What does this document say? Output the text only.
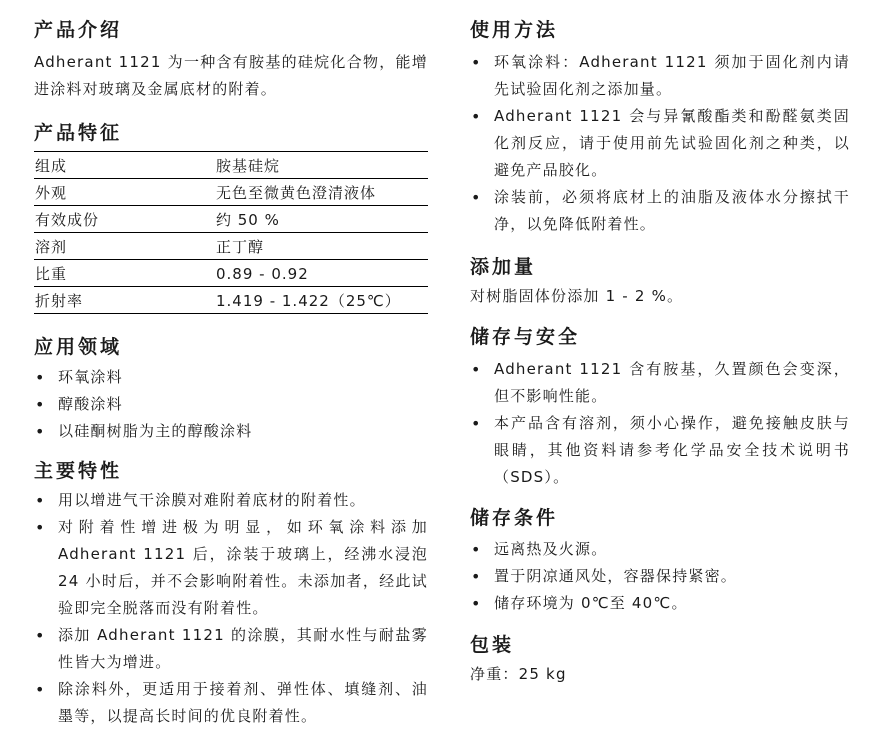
产品介绍

Adherant 1121 为一种含有胺基的硅烷化合物，能增进涂料对玻璃及金属底材的附着。

产品特征
组成	胺基硅烷
外观	无色至微黄色澄清液体
有效成份	约 50 %
溶剂	正丁醇
比重	0.89 - 0.92
折射率	1.419 - 1.422（25℃）
应用领域
• 环氧涂料
• 醇酸涂料
• 以硅酮树脂为主的醇酸涂料
主要特性
• 用以增进气干涂膜对难附着底材的附着性。
• 对附着性增进极为明显，如环氧涂料添加 Adherant 1121 后，涂装于玻璃上，经沸水浸泡 24 小时后，并不会影响附着性。未添加者，经此试验即完全脱落而没有附着性。
• 添加 Adherant 1121 的涂膜，其耐水性与耐盐雾性皆大为增进。
• 除涂料外，更适用于接着剂、弹性体、填缝剂、油墨等，以提高长时间的优良附着性。
使用方法
• 环氧涂料：Adherant 1121 须加于固化剂内请先试验固化剂之添加量。
• Adherant 1121 会与异氰酸酯类和酚醛氨类固化剂反应，请于使用前先试验固化剂之种类，以避免产品胶化。
• 涂装前，必须将底材上的油脂及液体水分擦拭干净，以免降低附着性。
添加量

对树脂固体份添加 1 - 2 %。

储存与安全
• Adherant 1121 含有胺基，久置颜色会变深，但不影响性能。
• 本产品含有溶剂，须小心操作，避免接触皮肤与眼睛，其他资料请参考化学品安全技术说明书（SDS）。
储存条件
• 远离热及火源。
• 置于阴凉通风处，容器保持紧密。
• 储存环境为 0℃至 40℃。
包装

净重：25 kg
